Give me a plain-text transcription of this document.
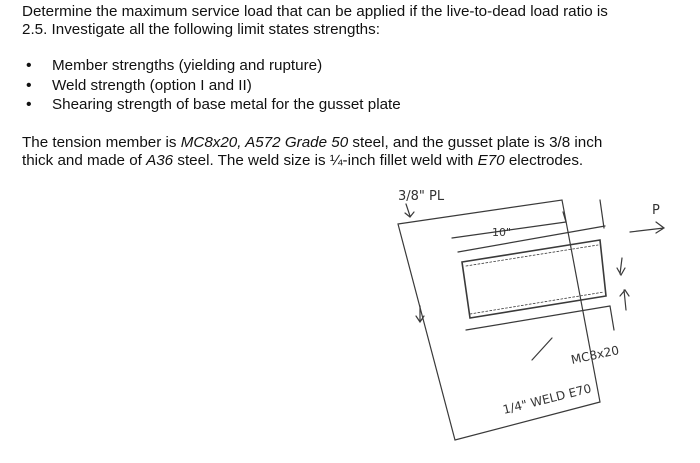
Determine the maximum service load that can be applied if the live-to-dead load ratio is
2.5. Investigate all the following limit states strengths:

• Member strengths (yielding and rupture)
• Weld strength (option I and II)
• Shearing strength of base metal for the gusset plate

The tension member is MC8x20, A572 Grade 50 steel, and the gusset plate is 3/8 inch
thick and made of A36 steel. The weld size is ¼-inch fillet weld with E70 electrodes.

3/8" PL
10"
P
MC8x20
1/4" WELD E70
